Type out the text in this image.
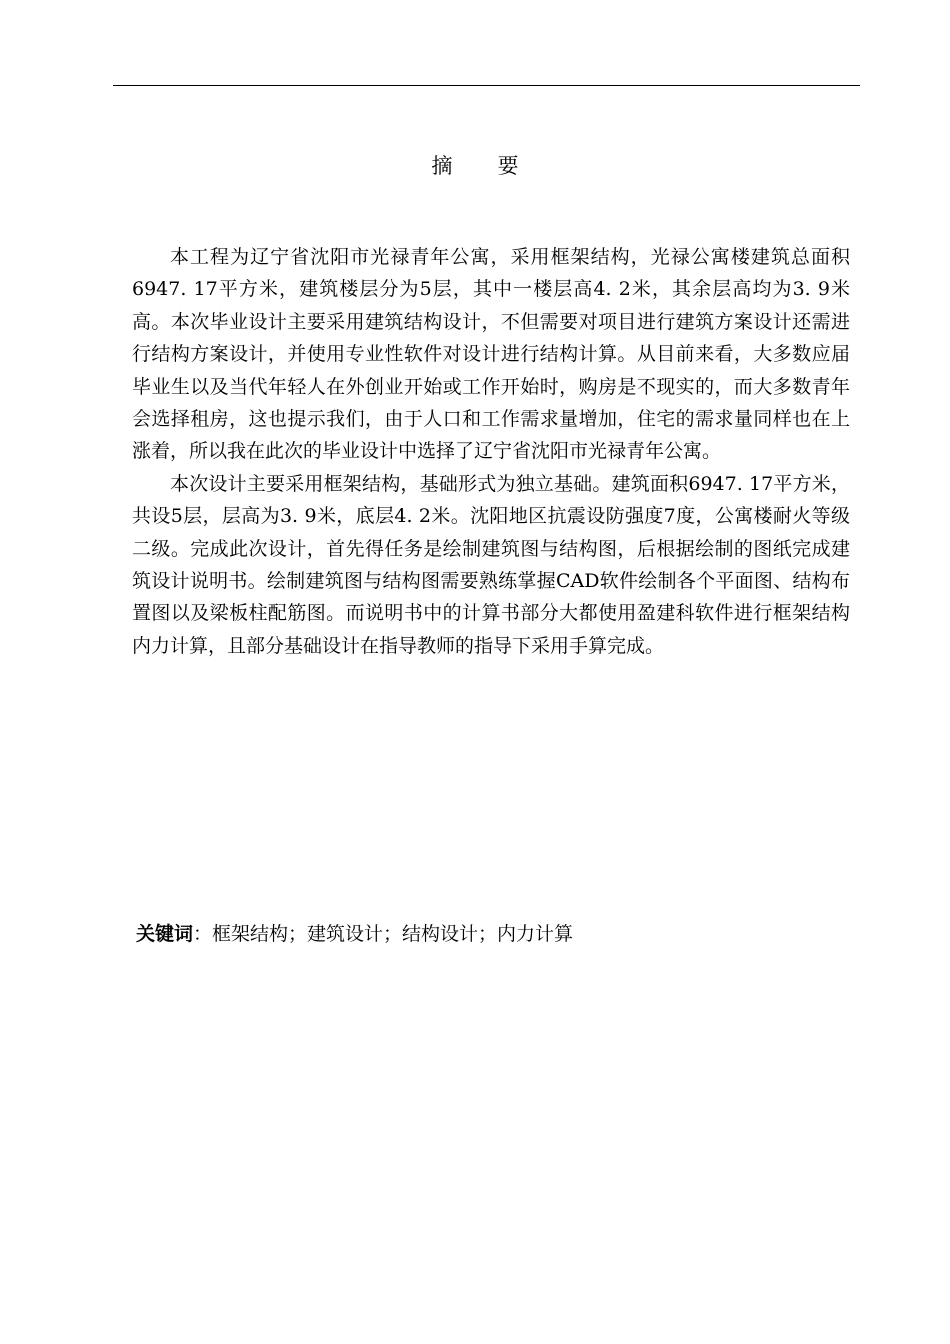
摘 要

本工程为辽宁省沈阳市光禄青年公寓，采用框架结构，光禄公寓楼建筑总面积6947. 17平方米，建筑楼层分为5层，其中一楼层高4. 2米，其余层高均为3. 9米高。本次毕业设计主要采用建筑结构设计，不但需要对项目进行建筑方案设计还需进行结构方案设计，并使用专业性软件对设计进行结构计算。从目前来看，大多数应届毕业生以及当代年轻人在外创业开始或工作开始时，购房是不现实的，而大多数青年会选择租房，这也提示我们，由于人口和工作需求量增加，住宅的需求量同样也在上涨着，所以我在此次的毕业设计中选择了辽宁省沈阳市光禄青年公寓。

本次设计主要采用框架结构，基础形式为独立基础。建筑面积6947. 17平方米，共设5层，层高为3. 9米，底层4. 2米。沈阳地区抗震设防强度7度，公寓楼耐火等级二级。完成此次设计，首先得任务是绘制建筑图与结构图，后根据绘制的图纸完成建筑设计说明书。绘制建筑图与结构图需要熟练掌握CAD软件绘制各个平面图、结构布置图以及梁板柱配筋图。而说明书中的计算书部分大都使用盈建科软件进行框架结构内力计算，且部分基础设计在指导教师的指导下采用手算完成。

关键词：框架结构；建筑设计；结构设计；内力计算
